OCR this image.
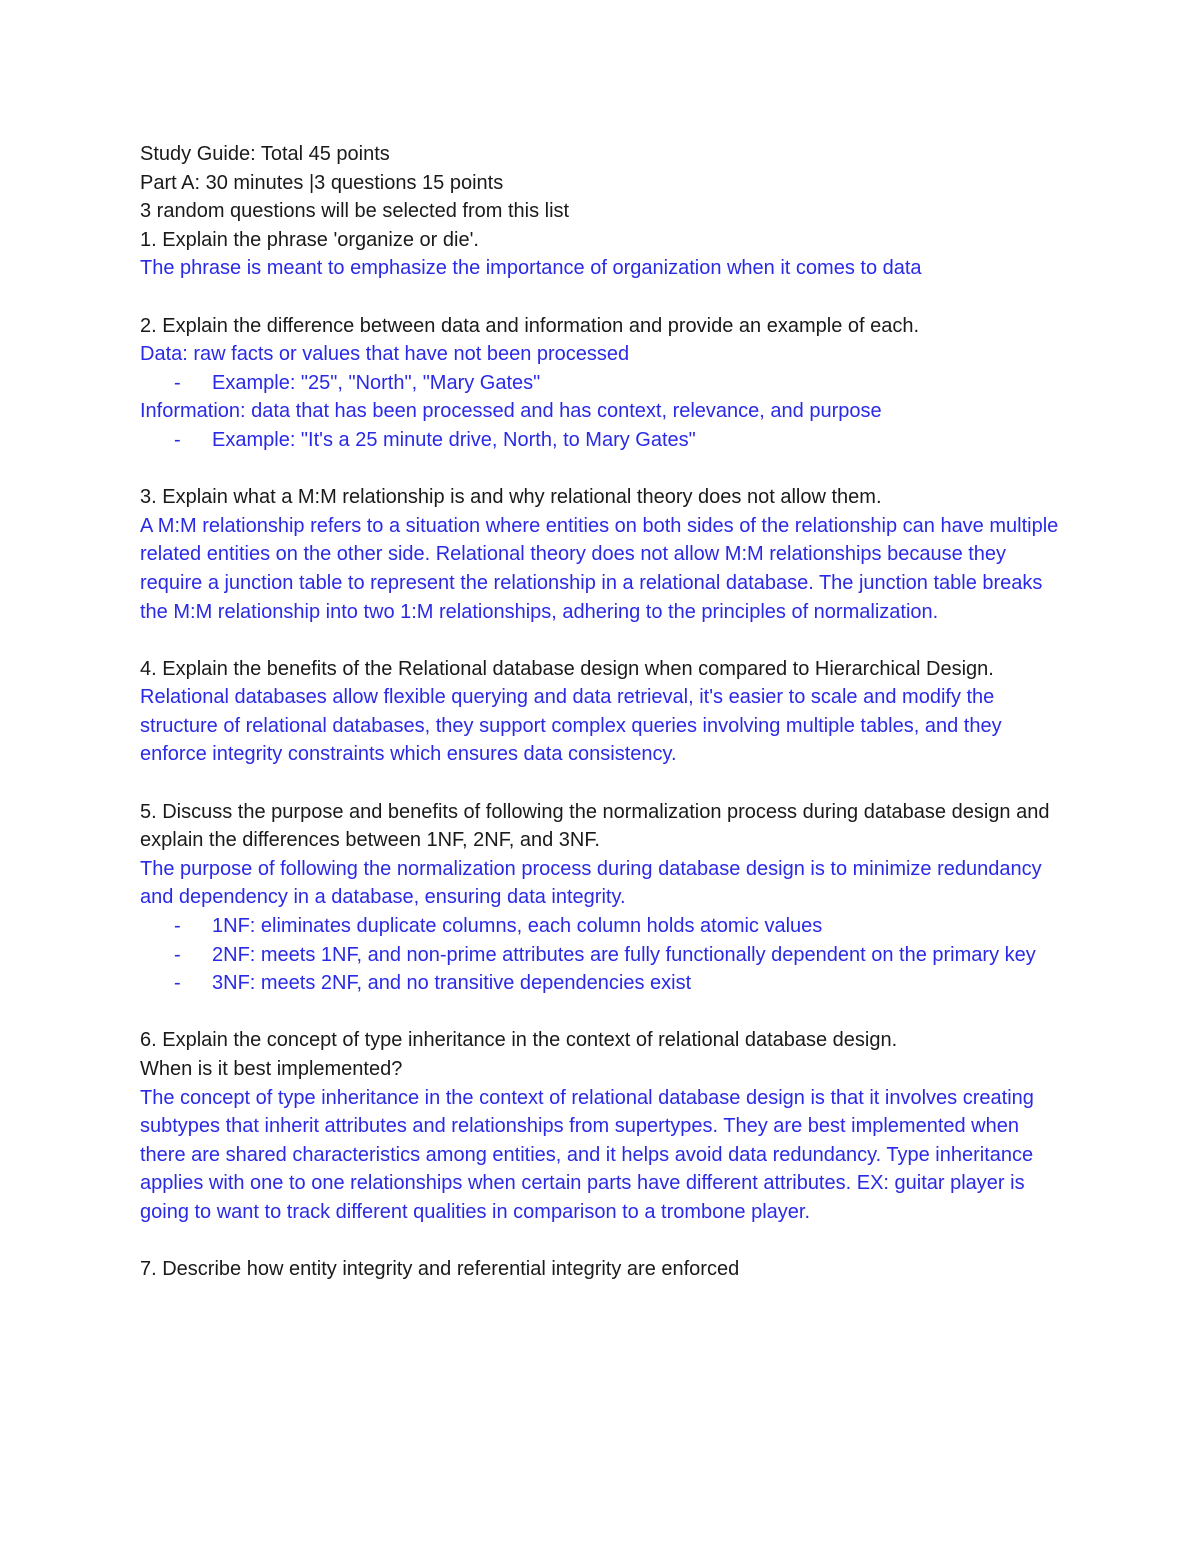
Study Guide: Total 45 points
Part A: 30 minutes |3 questions 15 points
3 random questions will be selected from this list
1. Explain the phrase 'organize or die'.
The phrase is meant to emphasize the importance of organization when it comes to data
2. Explain the difference between data and information and provide an example of each.
Data: raw facts or values that have not been processed
- Example: "25", "North", "Mary Gates"
Information: data that has been processed and has context, relevance, and purpose
- Example: "It's a 25 minute drive, North, to Mary Gates"
3. Explain what a M:M relationship is and why relational theory does not allow them.
A M:M relationship refers to a situation where entities on both sides of the relationship can have multiple related entities on the other side. Relational theory does not allow M:M relationships because they require a junction table to represent the relationship in a relational database. The junction table breaks the M:M relationship into two 1:M relationships, adhering to the principles of normalization.
4. Explain the benefits of the Relational database design when compared to Hierarchical Design.
Relational databases allow flexible querying and data retrieval, it's easier to scale and modify the structure of relational databases, they support complex queries involving multiple tables, and they enforce integrity constraints which ensures data consistency.
5. Discuss the purpose and benefits of following the normalization process during database design and explain the differences between 1NF, 2NF, and 3NF.
The purpose of following the normalization process during database design is to minimize redundancy and dependency in a database, ensuring data integrity.
- 1NF: eliminates duplicate columns, each column holds atomic values
- 2NF: meets 1NF, and non-prime attributes are fully functionally dependent on the primary key
- 3NF: meets 2NF, and no transitive dependencies exist
6. Explain the concept of type inheritance in the context of relational database design.
When is it best implemented?
The concept of type inheritance in the context of relational database design is that it involves creating subtypes that inherit attributes and relationships from supertypes. They are best implemented when there are shared characteristics among entities, and it helps avoid data redundancy. Type inheritance applies with one to one relationships when certain parts have different attributes. EX: guitar player is going to want to track different qualities in comparison to a trombone player.
7. Describe how entity integrity and referential integrity are enforced
